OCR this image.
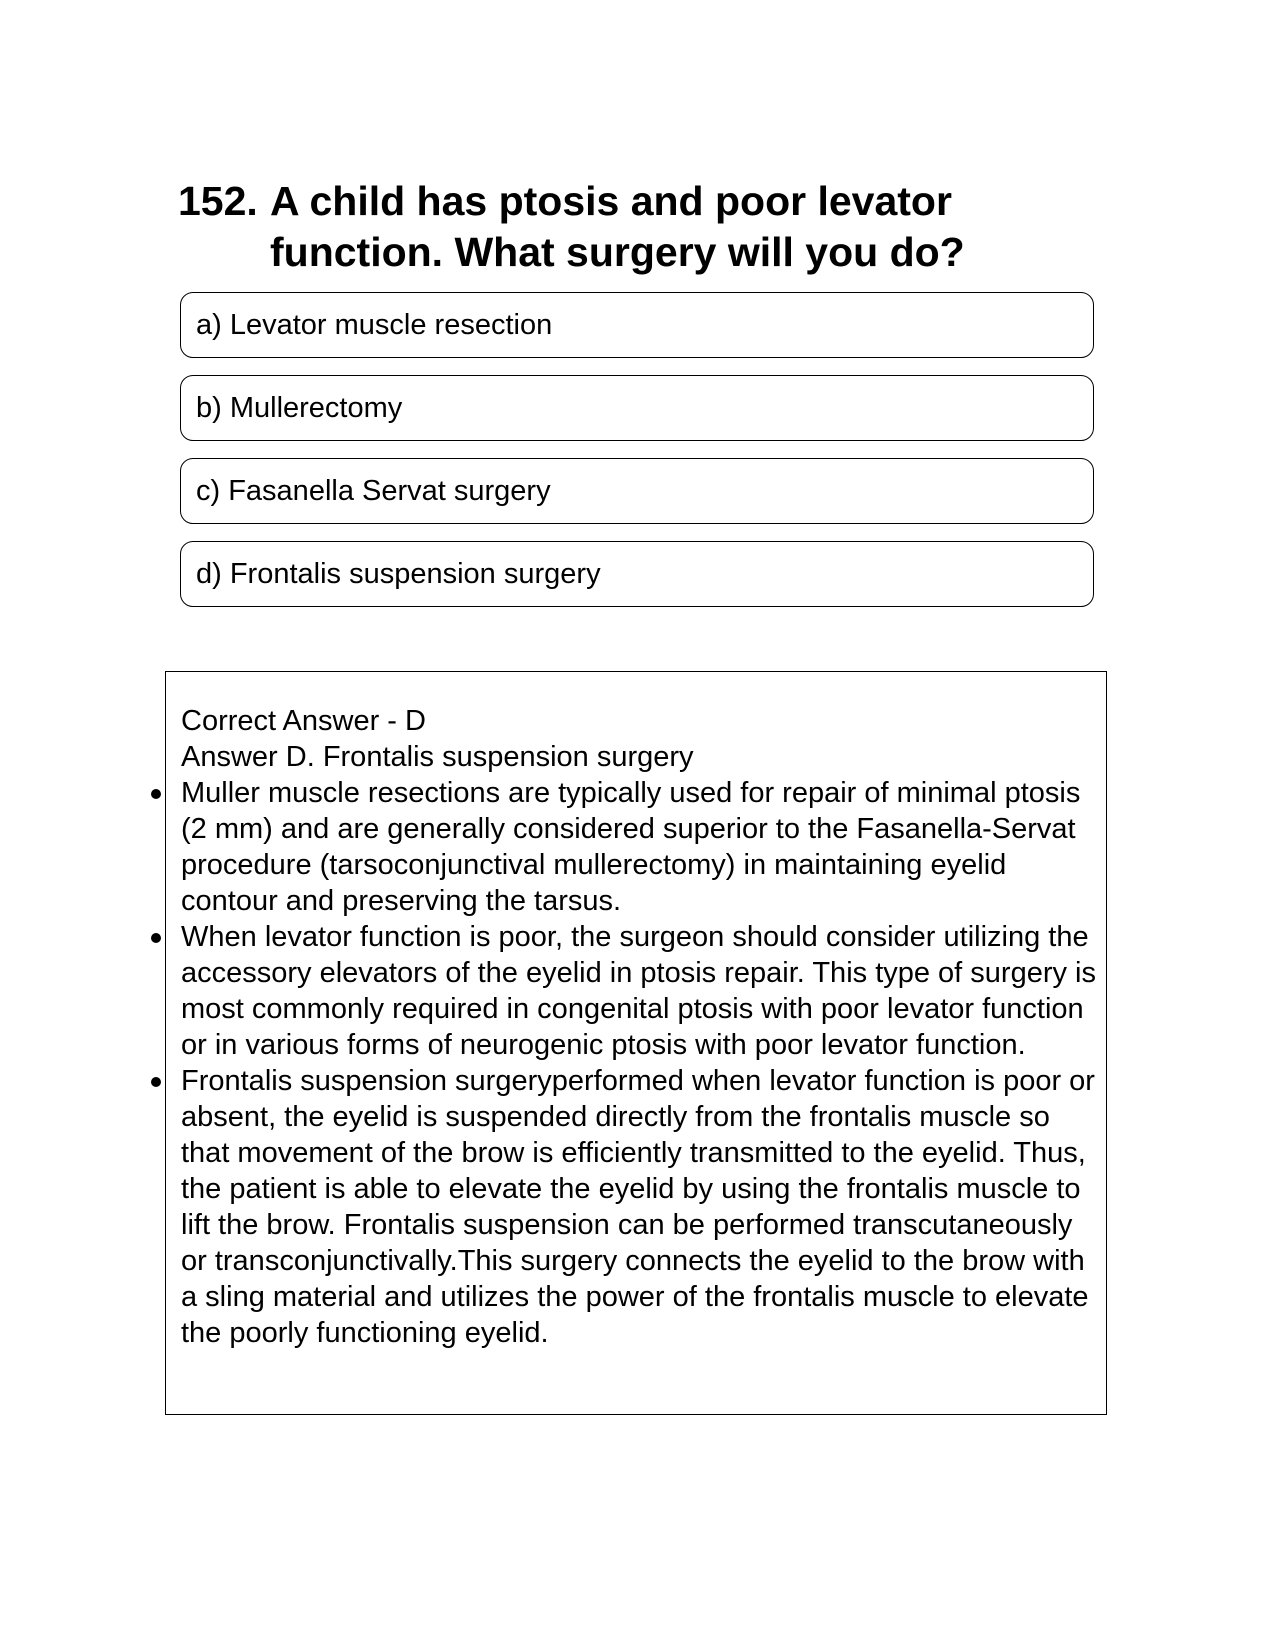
152. A child has ptosis and poor levator function. What surgery will you do?
a) Levator muscle resection
b) Mullerectomy
c) Fasanella Servat surgery
d) Frontalis suspension surgery

Correct Answer - D

Answer D. Frontalis suspension surgery

Muller muscle resections are typically used for repair of minimal ptosis (2 mm) and are generally considered superior to the Fasanella-Servat procedure (tarsoconjunctival mullerectomy) in maintaining eyelid contour and preserving the tarsus.
When levator function is poor, the surgeon should consider utilizing the accessory elevators of the eyelid in ptosis repair. This type of surgery is most commonly required in congenital ptosis with poor levator function or in various forms of neurogenic ptosis with poor levator function.
Frontalis suspension surgeryperformed when levator function is poor or absent, the eyelid is suspended directly from the frontalis muscle so that movement of the brow is efficiently transmitted to the eyelid. Thus, the patient is able to elevate the eyelid by using the frontalis muscle to lift the brow. Frontalis suspension can be performed transcutaneously or transconjunctivally.This surgery connects the eyelid to the brow with a sling material and utilizes the power of the frontalis muscle to elevate the poorly functioning eyelid.
